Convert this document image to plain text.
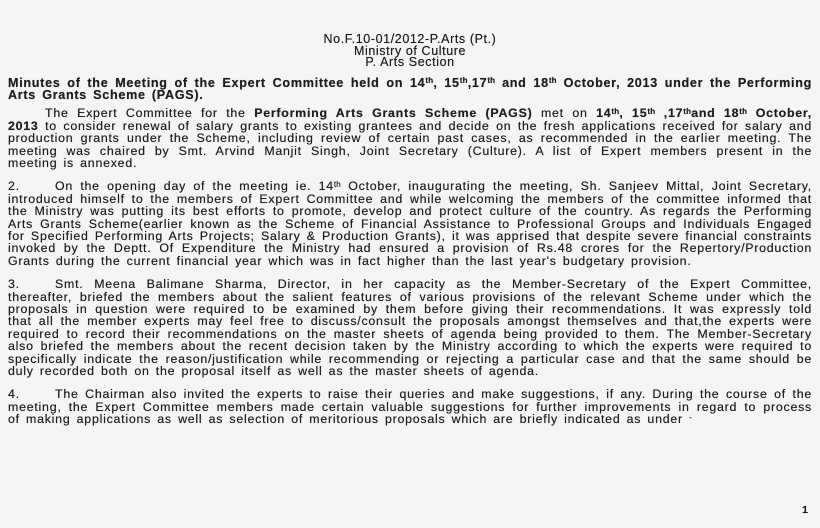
No.F.10-01/2012-P.Arts (Pt.)
Ministry of Culture
P. Arts Section

Minutes of the Meeting of the Expert Committee held on 14th, 15th,17th and 18th October, 2013 under the Performing Arts Grants Scheme (PAGS).

The Expert Committee for the Performing Arts Grants Scheme (PAGS) met on 14th, 15th ,17thand 18th October, 2013 to consider renewal of salary grants to existing grantees and decide on the fresh applications received for salary and production grants under the Scheme, including review of certain past cases, as recommended in the earlier meeting. The meeting was chaired by Smt. Arvind Manjit Singh, Joint Secretary (Culture). A list of Expert members present in the meeting is annexed.

2.	On the opening day of the meeting ie. 14th October, inaugurating the meeting, Sh. Sanjeev Mittal, Joint Secretary, introduced himself to the members of Expert Committee and while welcoming the members of the committee informed that the Ministry was putting its best efforts to promote, develop and protect culture of the country. As regards the Performing Arts Grants Scheme(earlier known as the Scheme of Financial Assistance to Professional Groups and Individuals Engaged for Specified Performing Arts Projects; Salary & Production Grants), it was apprised that despite severe financial constraints invoked by the Deptt. Of Expenditure the Ministry had ensured a provision of Rs.48 crores for the Repertory/Production Grants during the current financial year which was in fact higher than the last year's budgetary provision.

3.	Smt. Meena Balimane Sharma, Director, in her capacity as the Member-Secretary of the Expert Committee, thereafter, briefed the members about the salient features of various provisions of the relevant Scheme under which the proposals in question were required to be examined by them before giving their recommendations. It was expressly told that all the member experts may feel free to discuss/consult the proposals amongst themselves and that,the experts were required to record their recommendations on the master sheets of agenda being provided to them. The Member-Secretary also briefed the members about the recent decision taken by the Ministry according to which the experts were required to specifically indicate the reason/justification while recommending or rejecting a particular case and that the same should be duly recorded both on the proposal itself as well as the master sheets of agenda.

4.	The Chairman also invited the experts to raise their queries and make suggestions, if any. During the course of the meeting, the Expert Committee members made certain valuable suggestions for further improvements in regard to process of making applications as well as selection of meritorious proposals which are briefly indicated as under -

1
